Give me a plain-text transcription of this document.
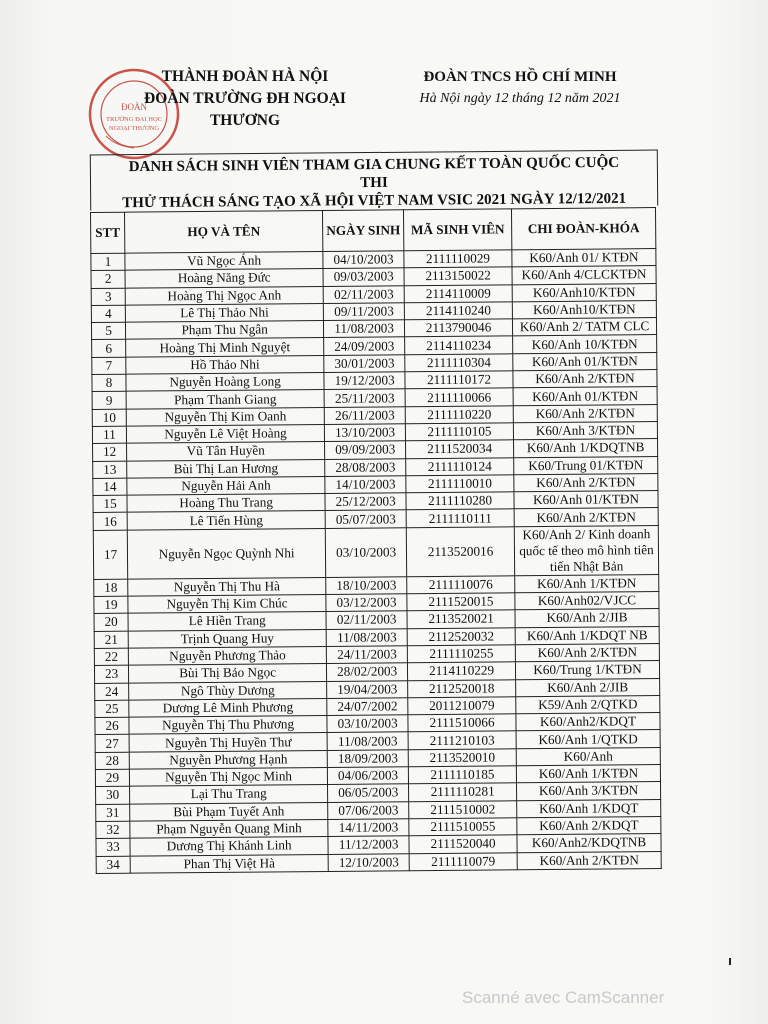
ĐOÀN
TRƯỜNG ĐẠI HỌC
NGOẠI THƯƠNG
THÀNH ĐOÀN HÀ NỘI
ĐOÀN TRƯỜNG ĐH NGOẠI THƯƠNG
ĐOÀN TNCS HỒ CHÍ MINH
Hà Nội ngày 12 tháng 12 năm 2021
DANH SÁCH SINH VIÊN THAM GIA CHUNG KẾT TOÀN QUỐC CUỘC
THI
THỬ THÁCH SÁNG TẠO XÃ HỘI VIỆT NAM VSIC 2021 NGÀY 12/12/2021
STT	HỌ VÀ TÊN	NGÀY SINH	MÃ SINH VIÊN	CHI ĐOÀN-KHÓA
1	Vũ Ngọc Ánh	04/10/2003	2111110029	K60/Anh 01/ KTĐN
2	Hoàng Năng Đức	09/03/2003	2113150022	K60/Anh 4/CLCKTĐN
3	Hoàng Thị Ngọc Anh	02/11/2003	2114110009	K60/Anh10/KTĐN
4	Lê Thị Thảo Nhi	09/11/2003	2114110240	K60/Anh10/KTĐN
5	Phạm Thu Ngân	11/08/2003	2113790046	K60/Anh 2/ TATM CLC
6	Hoàng Thị Minh Nguyệt	24/09/2003	2114110234	K60/Anh 10/KTĐN
7	Hồ Thảo Nhi	30/01/2003	2111110304	K60/Anh 01/KTĐN
8	Nguyễn Hoàng Long	19/12/2003	2111110172	K60/Anh 2/KTĐN
9	Phạm Thanh Giang	25/11/2003	2111110066	K60/Anh 01/KTĐN
10	Nguyễn Thị Kim Oanh	26/11/2003	2111110220	K60/Anh 2/KTĐN
11	Nguyễn Lê Việt Hoàng	13/10/2003	2111110105	K60/Anh 3/KTĐN
12	Vũ Tân Huyền	09/09/2003	2111520034	K60/Anh 1/KDQTNB
13	Bùi Thị Lan Hương	28/08/2003	2111110124	K60/Trung 01/KTĐN
14	Nguyễn Hải Anh	14/10/2003	2111110010	K60/Anh 2/KTĐN
15	Hoàng Thu Trang	25/12/2003	2111110280	K60/Anh 01/KTĐN
16	Lê Tiến Hùng	05/07/2003	2111110111	K60/Anh 2/KTĐN
17	Nguyễn Ngọc Quỳnh Nhi	03/10/2003	2113520016	K60/Anh 2/ Kinh doanh quốc tế theo mô hình tiên tiến Nhật Bản
18	Nguyễn Thị Thu Hà	18/10/2003	2111110076	K60/Anh 1/KTĐN
19	Nguyễn Thị Kim Chúc	03/12/2003	2111520015	K60/Anh02/VJCC
20	Lê Hiền Trang	02/11/2003	2113520021	K60/Anh 2/JIB
21	Trịnh Quang Huy	11/08/2003	2112520032	K60/Anh 1/KDQT NB
22	Nguyễn Phương Thảo	24/11/2003	2111110255	K60/Anh 2/KTĐN
23	Bùi Thị Bảo Ngọc	28/02/2003	2114110229	K60/Trung 1/KTĐN
24	Ngô Thùy Dương	19/04/2003	2112520018	K60/Anh 2/JIB
25	Dương Lê Minh Phương	24/07/2002	2011210079	K59/Anh 2/QTKD
26	Nguyễn Thị Thu Phương	03/10/2003	2111510066	K60/Anh2/KDQT
27	Nguyễn Thị Huyền Thư	11/08/2003	2111210103	K60/Anh 1/QTKD
28	Nguyễn Phương Hạnh	18/09/2003	2113520010	K60/Anh
29	Nguyễn Thị Ngọc Minh	04/06/2003	2111110185	K60/Anh 1/KTĐN
30	Lại Thu Trang	06/05/2003	2111110281	K60/Anh 3/KTĐN
31	Bùi Phạm Tuyết Anh	07/06/2003	2111510002	K60/Anh 1/KDQT
32	Phạm Nguyễn Quang Minh	14/11/2003	2111510055	K60/Anh 2/KDQT
33	Dương Thị Khánh Linh	11/12/2003	2111520040	K60/Anh2/KDQTNB
34	Phan Thị Việt Hà	12/10/2003	2111110079	K60/Anh 2/KTĐN
Scanné avec CamScanner
